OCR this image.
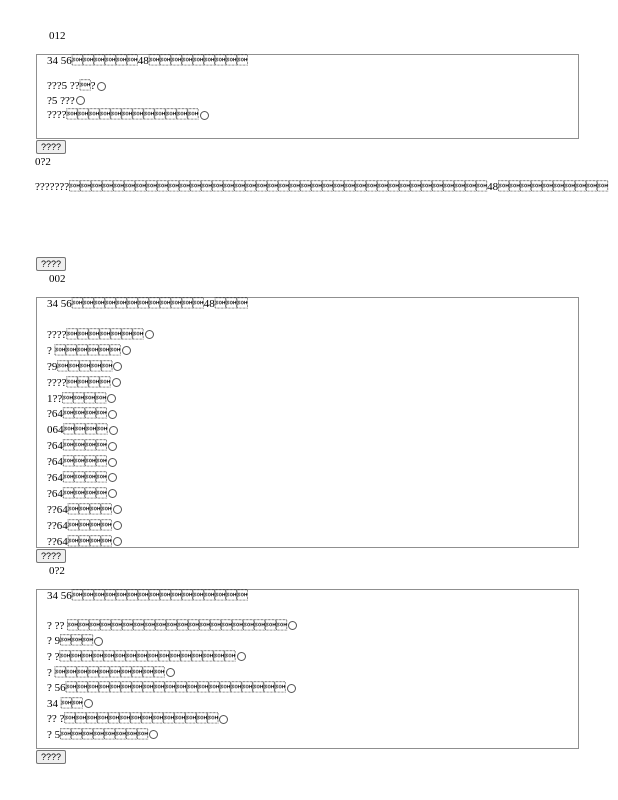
012
34 5648
???5 ???
?5 ???
????
????
0?2
???????48
????
002
34 5648
????
? 
?9
????
1??
?64
064
?64
?64
?64
?64
??64
??64
??64
????
0?2
34 56
? ?? 
? 9
? ?
? 
? 56
34 
?? ?
? 5
????
